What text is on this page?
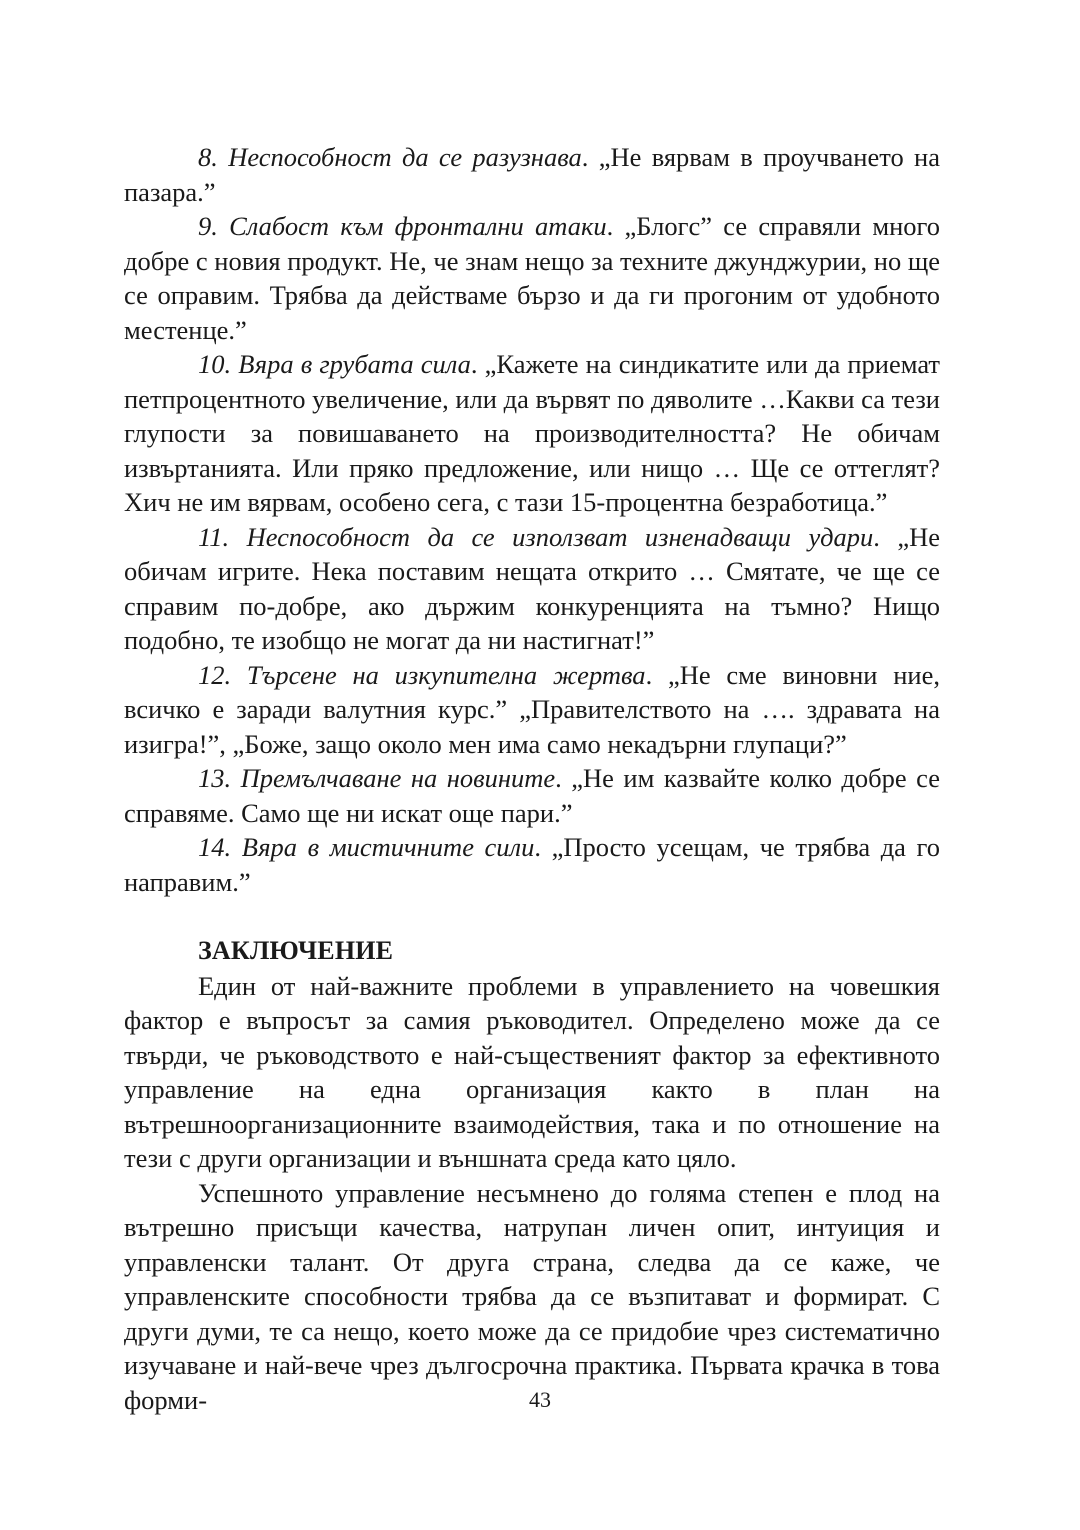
8. Неспособност да се разузнава. „Не вярвам в проучването на пазара.”

9. Слабост към фронтални атаки. „Блогс” се справяли много добре с новия продукт. Не, че знам нещо за техните джунджурии, но ще се оправим. Трябва да действаме бързо и да ги прогоним от удобното местенце.”

10. Вяра в грубата сила. „Кажете на синдикатите или да приемат петпроцентното увеличение, или да вървят по дяволите …Какви са тези глупости за повишаването на производителността? Не обичам извъртанията. Или пряко предложение, или нищо … Ще се оттеглят? Хич не им вярвам, особено сега, с тази 15-процентна безработица.”

11. Неспособност да се използват изненадващи удари. „Не обичам игрите. Нека поставим нещата открито … Смятате, че ще се справим по-добре, ако държим конкуренцията на тъмно? Нищо подобно, те изобщо не могат да ни настигнат!”

12. Търсене на изкупителна жертва. „Не сме виновни ние, всичко е заради валутния курс.” „Правителството на …. здравата на изигра!”, „Боже, защо около мен има само некадърни глупаци?”

13. Премълчаване на новините. „Не им казвайте колко добре се справяме. Само ще ни искат още пари.”

14. Вяра в мистичните сили. „Просто усещам, че трябва да го направим.”

ЗАКЛЮЧЕНИЕ

Един от най-важните проблеми в управлението на човешкия фактор е въпросът за самия ръководител. Определено може да се твърди, че ръководството е най-същественият фактор за ефективното управление на една организация както в план на вътрешноорганизационните взаимодействия, така и по отношение на тези с други организации и външната среда като цяло.

Успешното управление несъмнено до голяма степен е плод на вътрешно присъщи качества, натрупан личен опит, интуиция и управленски талант. От друга страна, следва да се каже, че управленските способности трябва да се възпитават и формират. С други думи, те са нещо, което може да се придобие чрез систематично изучаване и най-вече чрез дългосрочна практика. Първата крачка в това форми-	43
